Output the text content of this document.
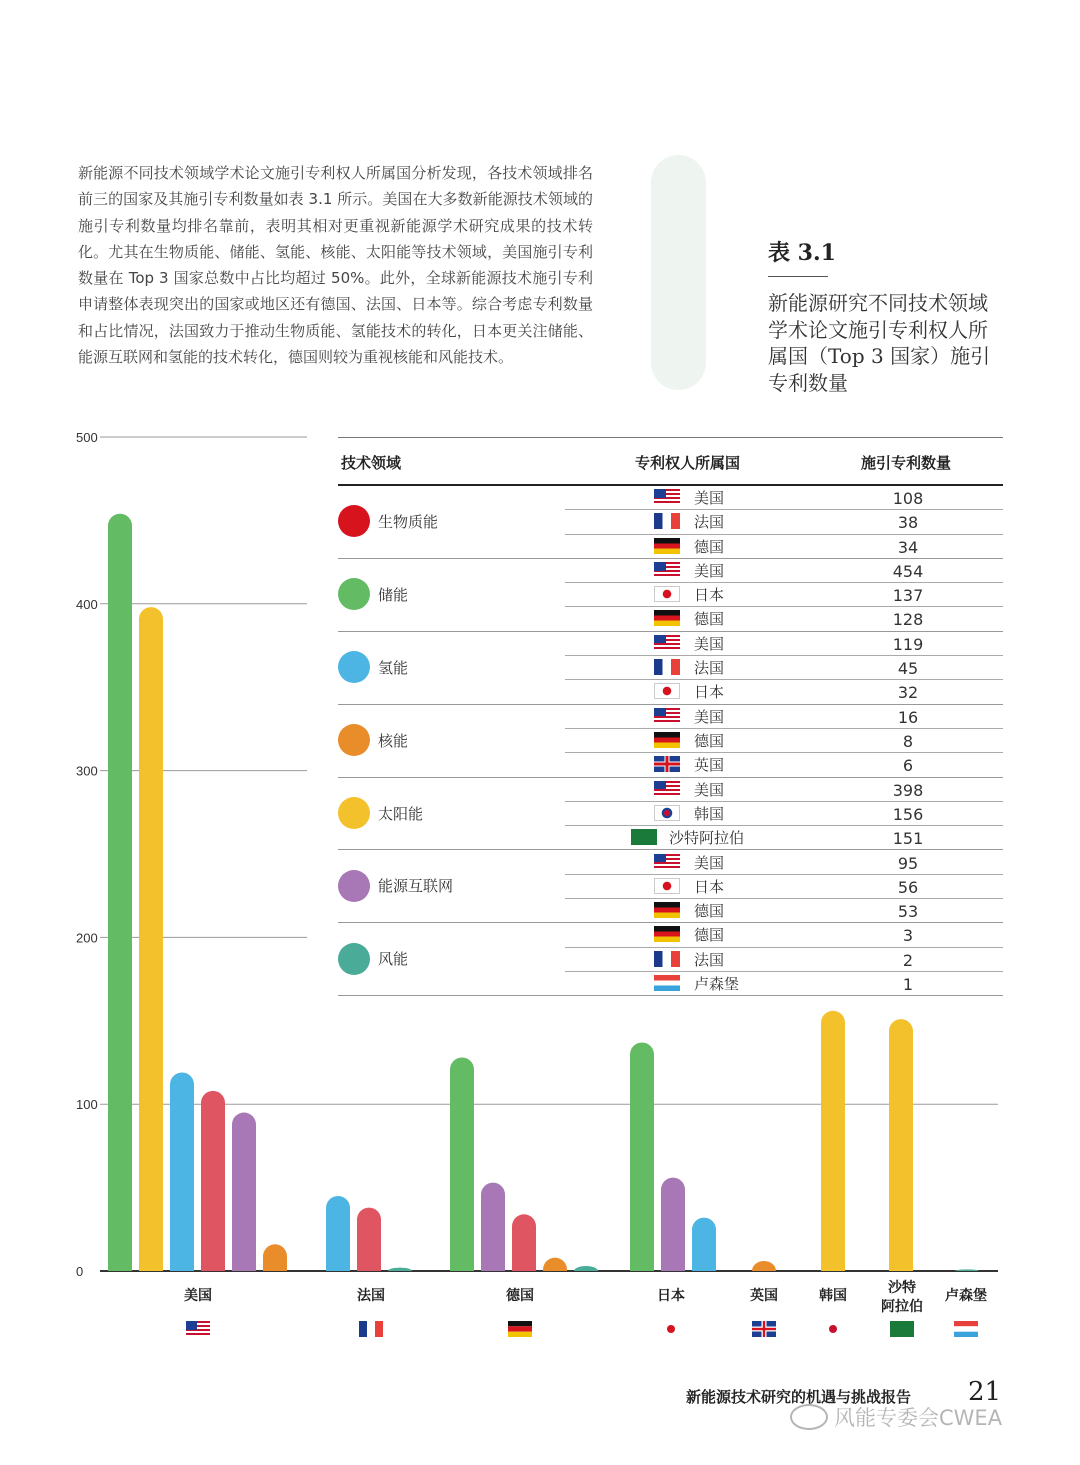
新能源不同技术领域学术论文施引专利权人所属国分析发现，各技术领域排名前三的国家及其施引专利数量如表 3.1 所示。美国在大多数新能源技术领域的施引专利数量均排名靠前，表明其相对更重视新能源学术研究成果的技术转化。尤其在生物质能、储能、氢能、核能、太阳能等技术领域，美国施引专利数量在 Top 3 国家总数中占比均超过 50%。此外，全球新能源技术施引专利申请整体表现突出的国家或地区还有德国、法国、日本等。综合考虑专利数量和占比情况，法国致力于推动生物质能、氢能技术的转化，日本更关注储能、能源互联网和氢能的技术转化，德国则较为重视核能和风能技术。

表 3.1
新能源研究不同技术领域学术论文施引专利权人所属国（Top 3 国家）施引专利数量
0
100
200
300
400
500
美国	法国	德国	日本	英国	韩国	沙特
阿拉伯
卢森堡
技术领域	专利权人所属国	施引专利数量
生物质能
美国	108
法国	38
德国	34
储能
美国	454
日本	137
德国	128
氢能
美国	119
法国	45
日本	32
核能
美国	16
德国	8
英国	6
太阳能
美国	398
韩国	156
沙特阿拉伯	151
能源互联网
美国	95
日本	56
德国	53
风能
德国	3
法国	2
卢森堡	1
新能源技术研究的机遇与挑战报告 21
风能专委会CWEA
